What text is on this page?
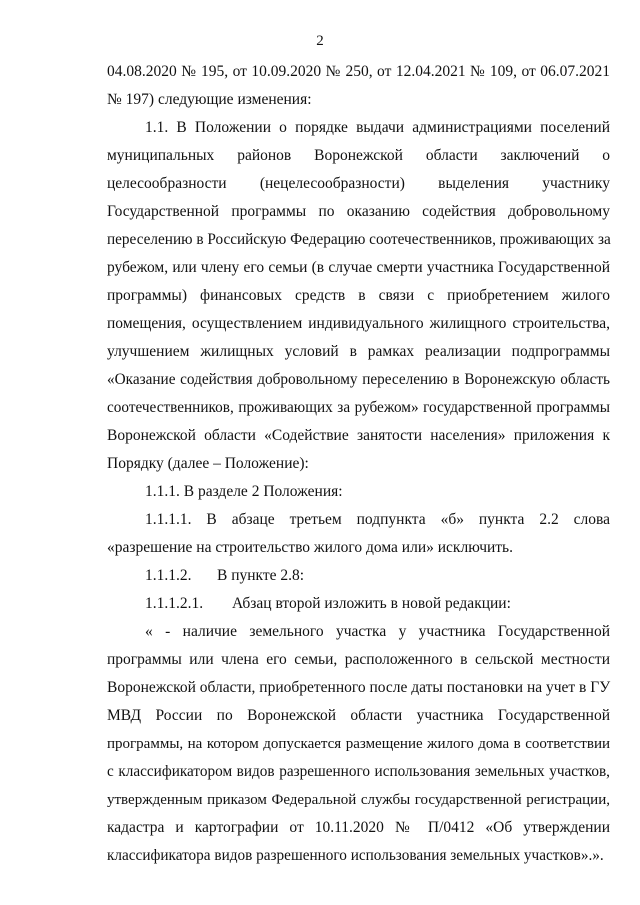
2
04.08.2020 № 195, от 10.09.2020 № 250, от 12.04.2021 № 109, от 06.07.2021
№ 197) следующие изменения:
1.1. В Положении о порядке выдачи администрациями поселений
муниципальных районов Воронежской области заключений о
целесообразности (нецелесообразности) выделения участнику
Государственной программы по оказанию содействия добровольному
переселению в Российскую Федерацию соотечественников, проживающих за
рубежом, или члену его семьи (в случае смерти участника Государственной
программы) финансовых средств в связи с приобретением жилого
помещения, осуществлением индивидуального жилищного строительства,
улучшением жилищных условий в рамках реализации подпрограммы
«Оказание содействия добровольному переселению в Воронежскую область
соотечественников, проживающих за рубежом» государственной программы
Воронежской области «Содействие занятости населения» приложения к
Порядку (далее – Положение):
1.1.1. В разделе 2 Положения:
1.1.1.1. В абзаце третьем подпункта «б» пункта 2.2 слова
«разрешение на строительство жилого дома или» исключить.
1.1.1.2. В пункте 2.8:
1.1.1.2.1. Абзац второй изложить в новой редакции:
« - наличие земельного участка у участника Государственной
программы или члена его семьи, расположенного в сельской местности
Воронежской области, приобретенного после даты постановки на учет в ГУ
МВД России по Воронежской области участника Государственной
программы, на котором допускается размещение жилого дома в соответствии
с классификатором видов разрешенного использования земельных участков,
утвержденным приказом Федеральной службы государственной регистрации,
кадастра и картографии от 10.11.2020 № П/0412 «Об утверждении
классификатора видов разрешенного использования земельных участков».».
